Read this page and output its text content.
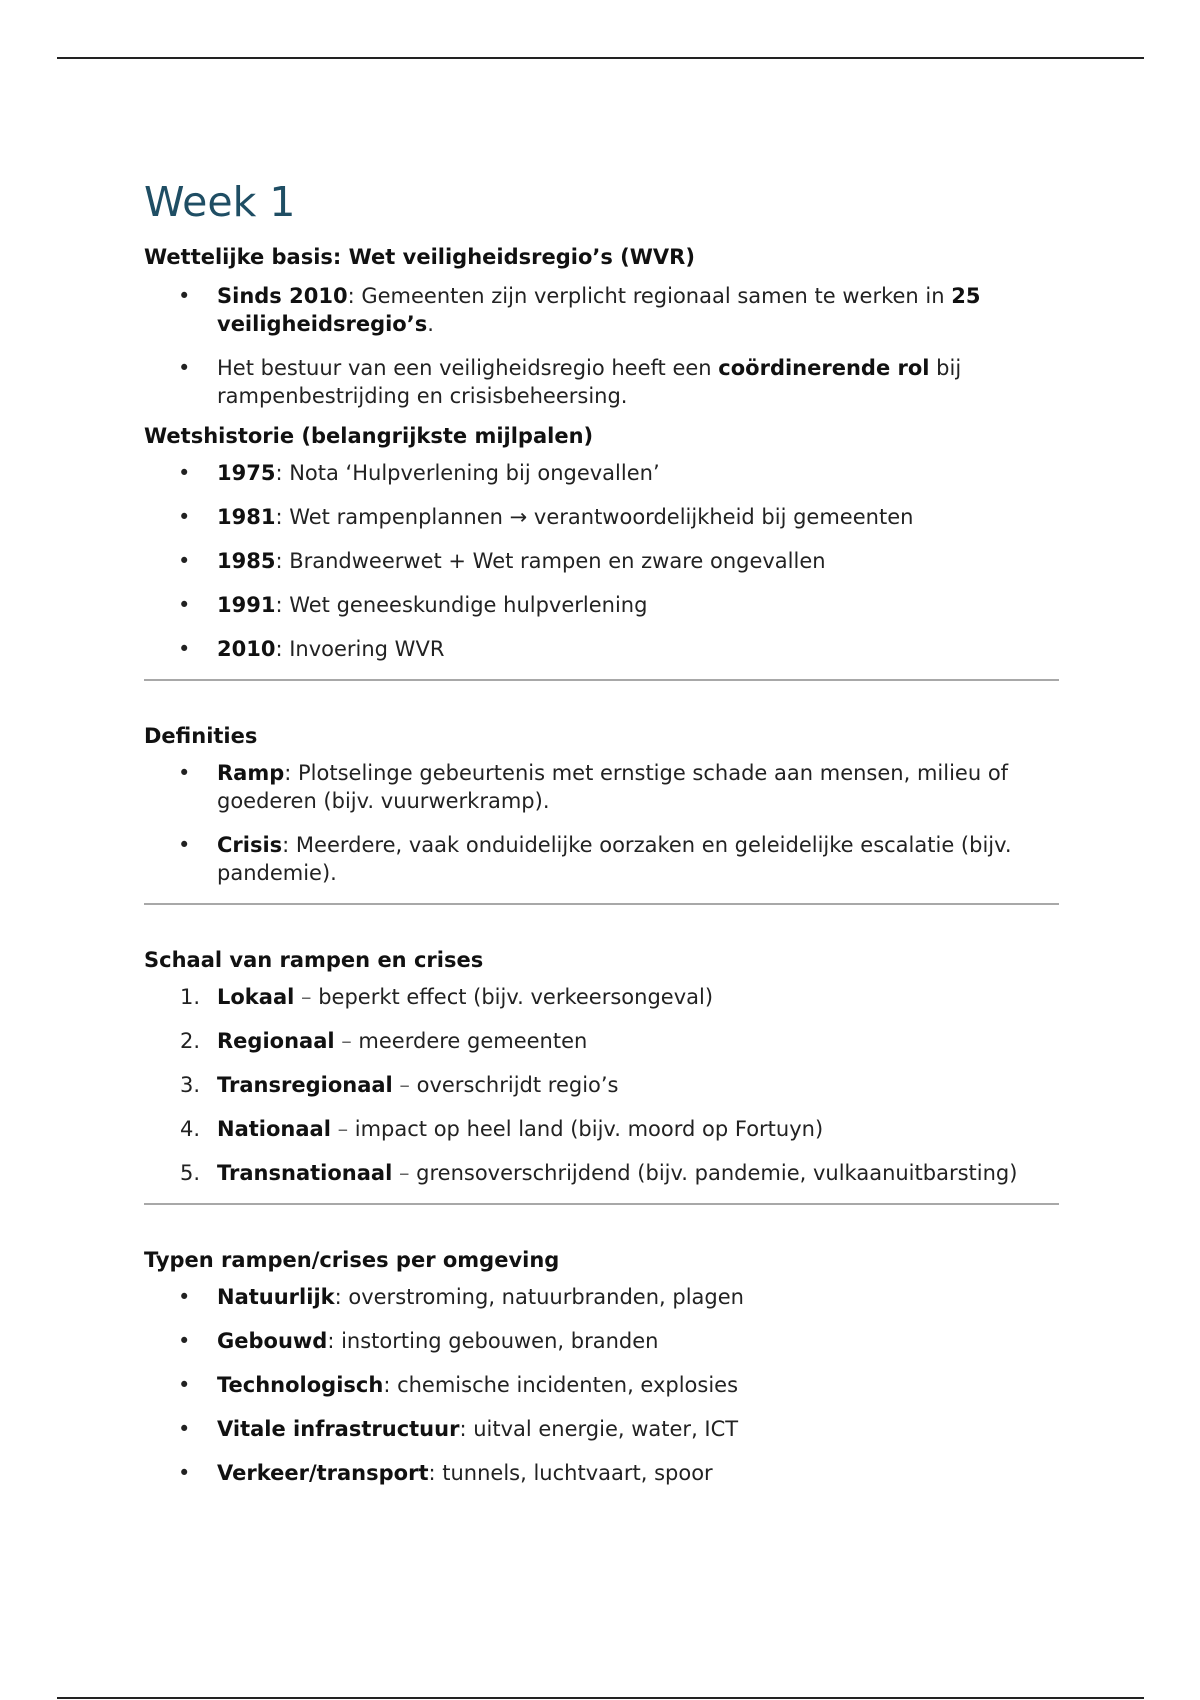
Week 1
Wettelijke basis: Wet veiligheidsregio’s (WVR)
• Sinds 2010: Gemeenten zijn verplicht regionaal samen te werken in 25 veiligheidsregio’s.
• Het bestuur van een veiligheidsregio heeft een coördinerende rol bij rampenbestrijding en crisisbeheersing.
Wetshistorie (belangrijkste mijlpalen)
• 1975: Nota ‘Hulpverlening bij ongevallen’
• 1981: Wet rampenplannen → verantwoordelijkheid bij gemeenten
• 1985: Brandweerwet + Wet rampen en zware ongevallen
• 1991: Wet geneeskundige hulpverlening
• 2010: Invoering WVR
Definities
• Ramp: Plotselinge gebeurtenis met ernstige schade aan mensen, milieu of goederen (bijv. vuurwerkramp).
• Crisis: Meerdere, vaak onduidelijke oorzaken en geleidelijke escalatie (bijv. pandemie).
Schaal van rampen en crises
1. Lokaal – beperkt effect (bijv. verkeersongeval)
2. Regionaal – meerdere gemeenten
3. Transregionaal – overschrijdt regio’s
4. Nationaal – impact op heel land (bijv. moord op Fortuyn)
5. Transnationaal – grensoverschrijdend (bijv. pandemie, vulkaanuitbarsting)
Typen rampen/crises per omgeving
• Natuurlijk: overstroming, natuurbranden, plagen
• Gebouwd: instorting gebouwen, branden
• Technologisch: chemische incidenten, explosies
• Vitale infrastructuur: uitval energie, water, ICT
• Verkeer/transport: tunnels, luchtvaart, spoor
